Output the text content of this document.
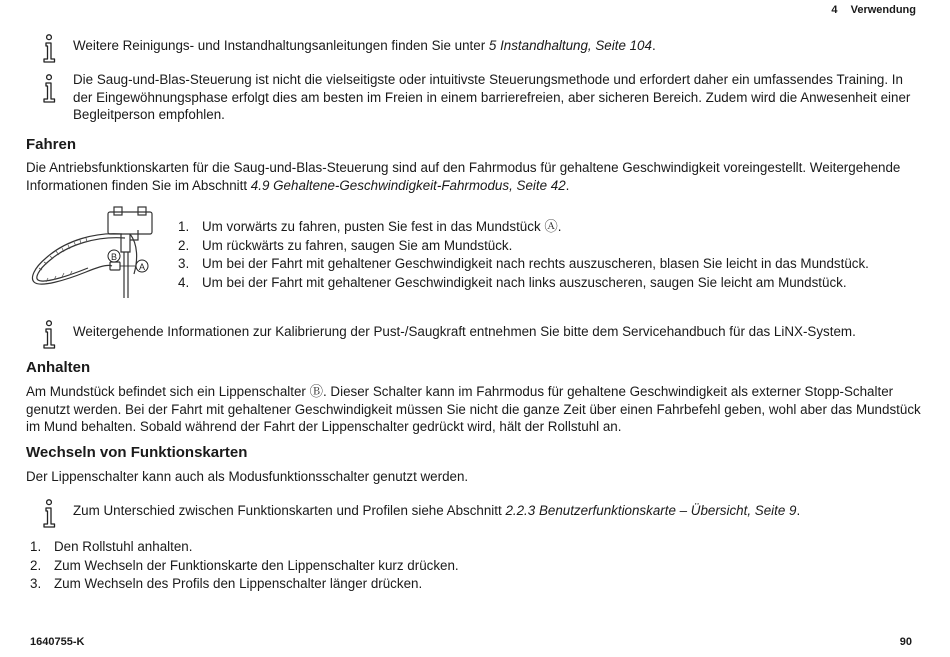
4 Verwendung
Weitere Reinigungs- und Instandhaltungsanleitungen finden Sie unter 5 Instandhaltung, Seite 104.
Die Saug-und-Blas-Steuerung ist nicht die vielseitigste oder intuitivste Steuerungsmethode und erfordert daher ein umfassendes Training. In der Eingewöhnungsphase erfolgt dies am besten im Freien in einem barrierefreien, aber sicheren Bereich. Zudem wird die Anwesenheit einer Begleitperson empfohlen.
Fahren
Die Antriebsfunktionskarten für die Saug-und-Blas-Steuerung sind auf den Fahrmodus für gehaltene Geschwindigkeit voreingestellt. Weitergehende Informationen finden Sie im Abschnitt 4.9 Gehaltene-Geschwindigkeit-Fahrmodus, Seite 42.
B
A
1. Um vorwärts zu fahren, pusten Sie fest in das Mundstück Ⓐ.
2. Um rückwärts zu fahren, saugen Sie am Mundstück.
3. Um bei der Fahrt mit gehaltener Geschwindigkeit nach rechts auszuscheren, blasen Sie leicht in das Mundstück.
4. Um bei der Fahrt mit gehaltener Geschwindigkeit nach links auszuscheren, saugen Sie leicht am Mundstück.
Weitergehende Informationen zur Kalibrierung der Pust-/Saugkraft entnehmen Sie bitte dem Servicehandbuch für das LiNX-System.
Anhalten
Am Mundstück befindet sich ein Lippenschalter Ⓑ. Dieser Schalter kann im Fahrmodus für gehaltene Geschwindigkeit als externer Stopp-Schalter genutzt werden. Bei der Fahrt mit gehaltener Geschwindigkeit müssen Sie nicht die ganze Zeit über einen Fahrbefehl geben, wohl aber das Mundstück im Mund behalten. Sobald während der Fahrt der Lippenschalter gedrückt wird, hält der Rollstuhl an.
Wechseln von Funktionskarten
Der Lippenschalter kann auch als Modusfunktionsschalter genutzt werden.
Zum Unterschied zwischen Funktionskarten und Profilen siehe Abschnitt 2.2.3 Benutzerfunktionskarte – Übersicht, Seite 9.
1. Den Rollstuhl anhalten.
2. Zum Wechseln der Funktionskarte den Lippenschalter kurz drücken.
3. Zum Wechseln des Profils den Lippenschalter länger drücken.
1640755-K	90
